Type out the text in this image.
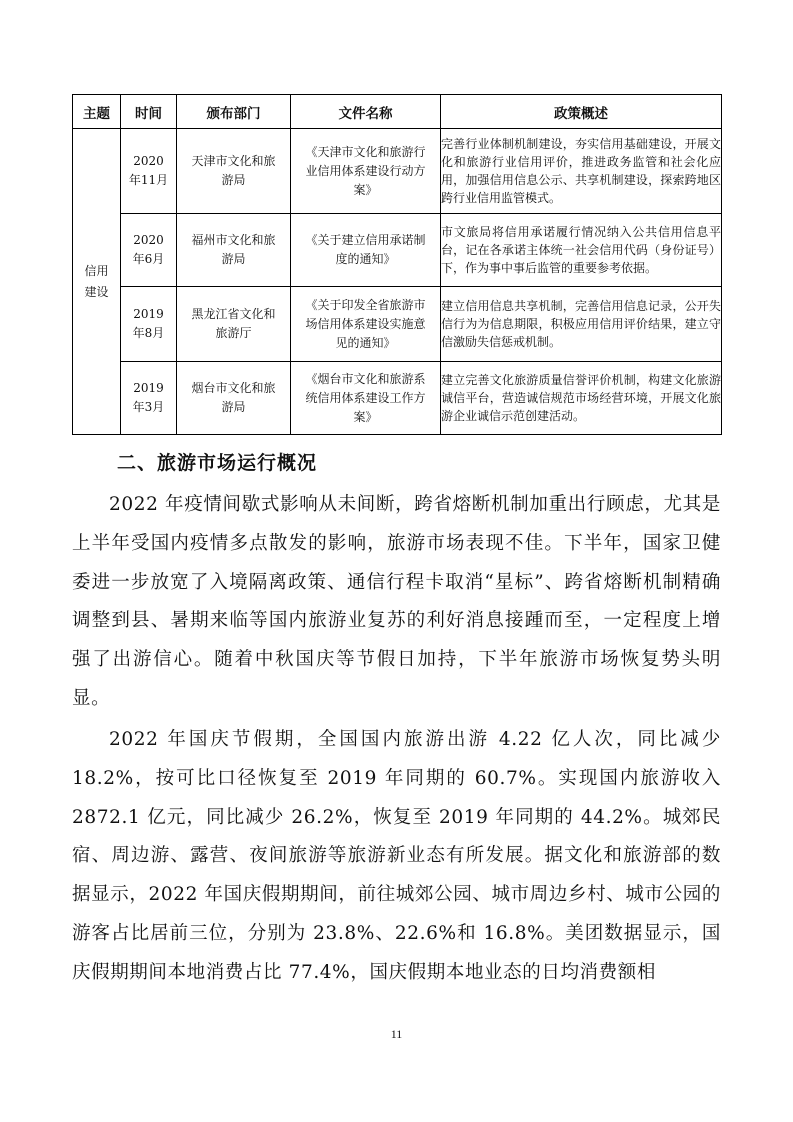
主题	时间	颁布部门	文件名称	政策概述
信用建设	2020年11月	天津市文化和旅游局	《天津市文化和旅游行业信用体系建设行动方案》	完善行业体制机制建设，夯实信用基础建设，开展文化和旅游行业信用评价，推进政务监管和社会化应用，加强信用信息公示、共享机制建设，探索跨地区跨行业信用监管模式。
	2020年6月	福州市文化和旅游局	《关于建立信用承诺制度的通知》	市文旅局将信用承诺履行情况纳入公共信用信息平台，记在各承诺主体统一社会信用代码（身份证号）下，作为事中事后监管的重要参考依据。
	2019年8月	黑龙江省文化和旅游厅	《关于印发全省旅游市场信用体系建设实施意见的通知》	建立信用信息共享机制，完善信用信息记录，公开失信行为为信息期限，积极应用信用评价结果，建立守信激励失信惩戒机制。
	2019年3月	烟台市文化和旅游局	《烟台市文化和旅游系统信用体系建设工作方案》	建立完善文化旅游质量信誉评价机制，构建文化旅游诚信平台，营造诚信规范市场经营环境，开展文化旅游企业诚信示范创建活动。
二、旅游市场运行概况

2022 年疫情间歇式影响从未间断，跨省熔断机制加重出行顾虑，尤其是上半年受国内疫情多点散发的影响，旅游市场表现不佳。下半年，国家卫健委进一步放宽了入境隔离政策、通信行程卡取消“星标”、跨省熔断机制精确调整到县、暑期来临等国内旅游业复苏的利好消息接踵而至，一定程度上增强了出游信心。随着中秋国庆等节假日加持，下半年旅游市场恢复势头明显。

2022 年国庆节假期，全国国内旅游出游 4.22 亿人次，同比减少 18.2%，按可比口径恢复至 2019 年同期的 60.7%。实现国内旅游收入 2872.1 亿元，同比减少 26.2%，恢复至 2019 年同期的 44.2%。城郊民宿、周边游、露营、夜间旅游等旅游新业态有所发展。据文化和旅游部的数据显示，2022 年国庆假期期间，前往城郊公园、城市周边乡村、城市公园的游客占比居前三位，分别为 23.8%、22.6%和 16.8%。美团数据显示，国庆假期期间本地消费占比 77.4%，国庆假期本地业态的日均消费额相

11
